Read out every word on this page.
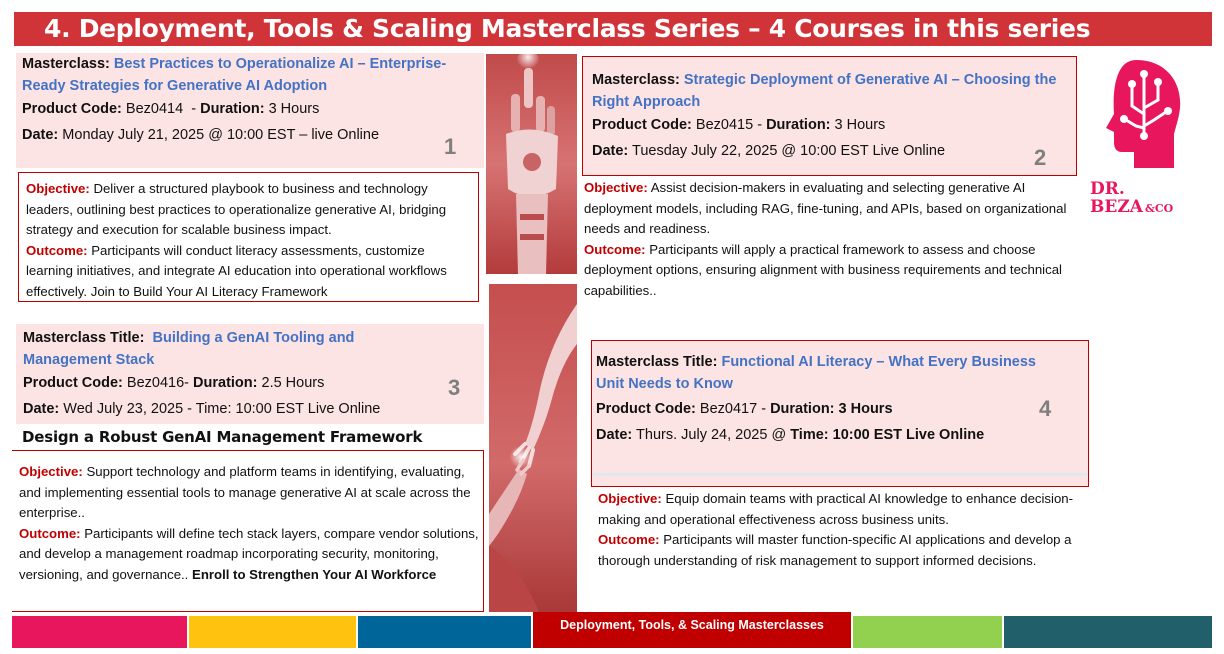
4. Deployment, Tools & Scaling Masterclass Series – 4 Courses in this series
Masterclass: Best Practices to Operationalize AI – Enterprise-Ready Strategies for Generative AI Adoption
Product Code: Bez0414  - Duration: 3 Hours
Date: Monday July 21, 2025 @ 10:00 EST – live Online	1
Objective: Deliver a structured playbook to business and technology leaders, outlining best practices to operationalize generative AI, bridging strategy and execution for scalable business impact.
Outcome: Participants will conduct literacy assessments, customize learning initiatives, and integrate AI education into operational workflows effectively. Join to Build Your AI Literacy Framework
Masterclass: Strategic Deployment of Generative AI – Choosing the Right Approach
Product Code: Bez0415 - Duration: 3 Hours
Date: Tuesday July 22, 2025 @ 10:00 EST Live Online	2
Objective: Assist decision-makers in evaluating and selecting generative AI deployment models, including RAG, fine-tuning, and APIs, based on organizational needs and readiness.
Outcome: Participants will apply a practical framework to assess and choose deployment options, ensuring alignment with business requirements and technical capabilities..
DR.
BEZA &CO
Masterclass Title: Building a GenAI Tooling and Management Stack
Product Code: Bez0416- Duration: 2.5 Hours
Date: Wed July 23, 2025 - Time: 10:00 EST Live Online
3
Design a Robust GenAI Management Framework
Objective: Support technology and platform teams in identifying, evaluating, and implementing essential tools to manage generative AI at scale across the enterprise..
Outcome: Participants will define tech stack layers, compare vendor solutions, and develop a management roadmap incorporating security, monitoring, versioning, and governance.. Enroll to Strengthen Your AI Workforce
Masterclass Title: Functional AI Literacy – What Every Business Unit Needs to Know
Product Code: Bez0417 - Duration: 3 Hours
Date: Thurs. July 24, 2025 @ Time: 10:00 EST Live Online
4
Objective: Equip domain teams with practical AI knowledge to enhance decision-making and operational effectiveness across business units.
Outcome: Participants will master function-specific AI applications and develop a thorough understanding of risk management to support informed decisions.
Deployment, Tools, & Scaling Masterclasses
